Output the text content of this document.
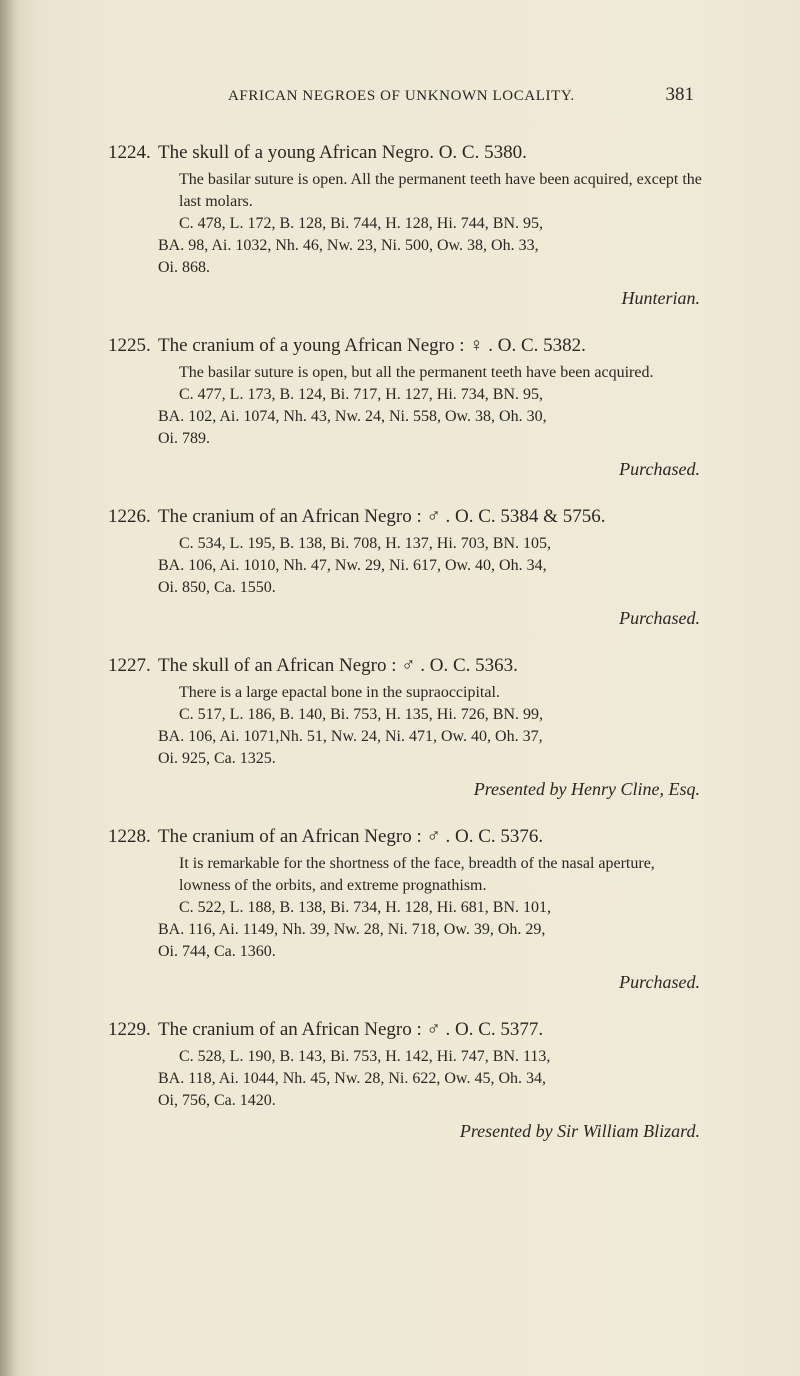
AFRICAN NEGROES OF UNKNOWN LOCALITY.	381
1224. The skull of a young African Negro. O. C. 5380.
The basilar suture is open. All the permanent teeth have been acquired, except the last molars.
C. 478, L. 172, B. 128, Bi. 744, H. 128, Hi. 744, BN. 95,
BA. 98, Ai. 1032, Nh. 46, Nw. 23, Ni. 500, Ow. 38, Oh. 33,
Oi. 868.
Hunterian.
1225. The cranium of a young African Negro : ♀ . O. C. 5382.
The basilar suture is open, but all the permanent teeth have been acquired.
C. 477, L. 173, B. 124, Bi. 717, H. 127, Hi. 734, BN. 95,
BA. 102, Ai. 1074, Nh. 43, Nw. 24, Ni. 558, Ow. 38, Oh. 30,
Oi. 789.
Purchased.
1226. The cranium of an African Negro : ♂ . O. C. 5384 & 5756.
C. 534, L. 195, B. 138, Bi. 708, H. 137, Hi. 703, BN. 105,
BA. 106, Ai. 1010, Nh. 47, Nw. 29, Ni. 617, Ow. 40, Oh. 34,
Oi. 850, Ca. 1550.
Purchased.
1227. The skull of an African Negro : ♂ . O. C. 5363.
There is a large epactal bone in the supraoccipital.
C. 517, L. 186, B. 140, Bi. 753, H. 135, Hi. 726, BN. 99,
BA. 106, Ai. 1071,Nh. 51, Nw. 24, Ni. 471, Ow. 40, Oh. 37,
Oi. 925, Ca. 1325.
Presented by Henry Cline, Esq.
1228. The cranium of an African Negro : ♂ . O. C. 5376.
It is remarkable for the shortness of the face, breadth of the nasal aperture, lowness of the orbits, and extreme prognathism.
C. 522, L. 188, B. 138, Bi. 734, H. 128, Hi. 681, BN. 101,
BA. 116, Ai. 1149, Nh. 39, Nw. 28, Ni. 718, Ow. 39, Oh. 29,
Oi. 744, Ca. 1360.
Purchased.
1229. The cranium of an African Negro : ♂ . O. C. 5377.
C. 528, L. 190, B. 143, Bi. 753, H. 142, Hi. 747, BN. 113,
BA. 118, Ai. 1044, Nh. 45, Nw. 28, Ni. 622, Ow. 45, Oh. 34,
Oi, 756, Ca. 1420.
Presented by Sir William Blizard.
